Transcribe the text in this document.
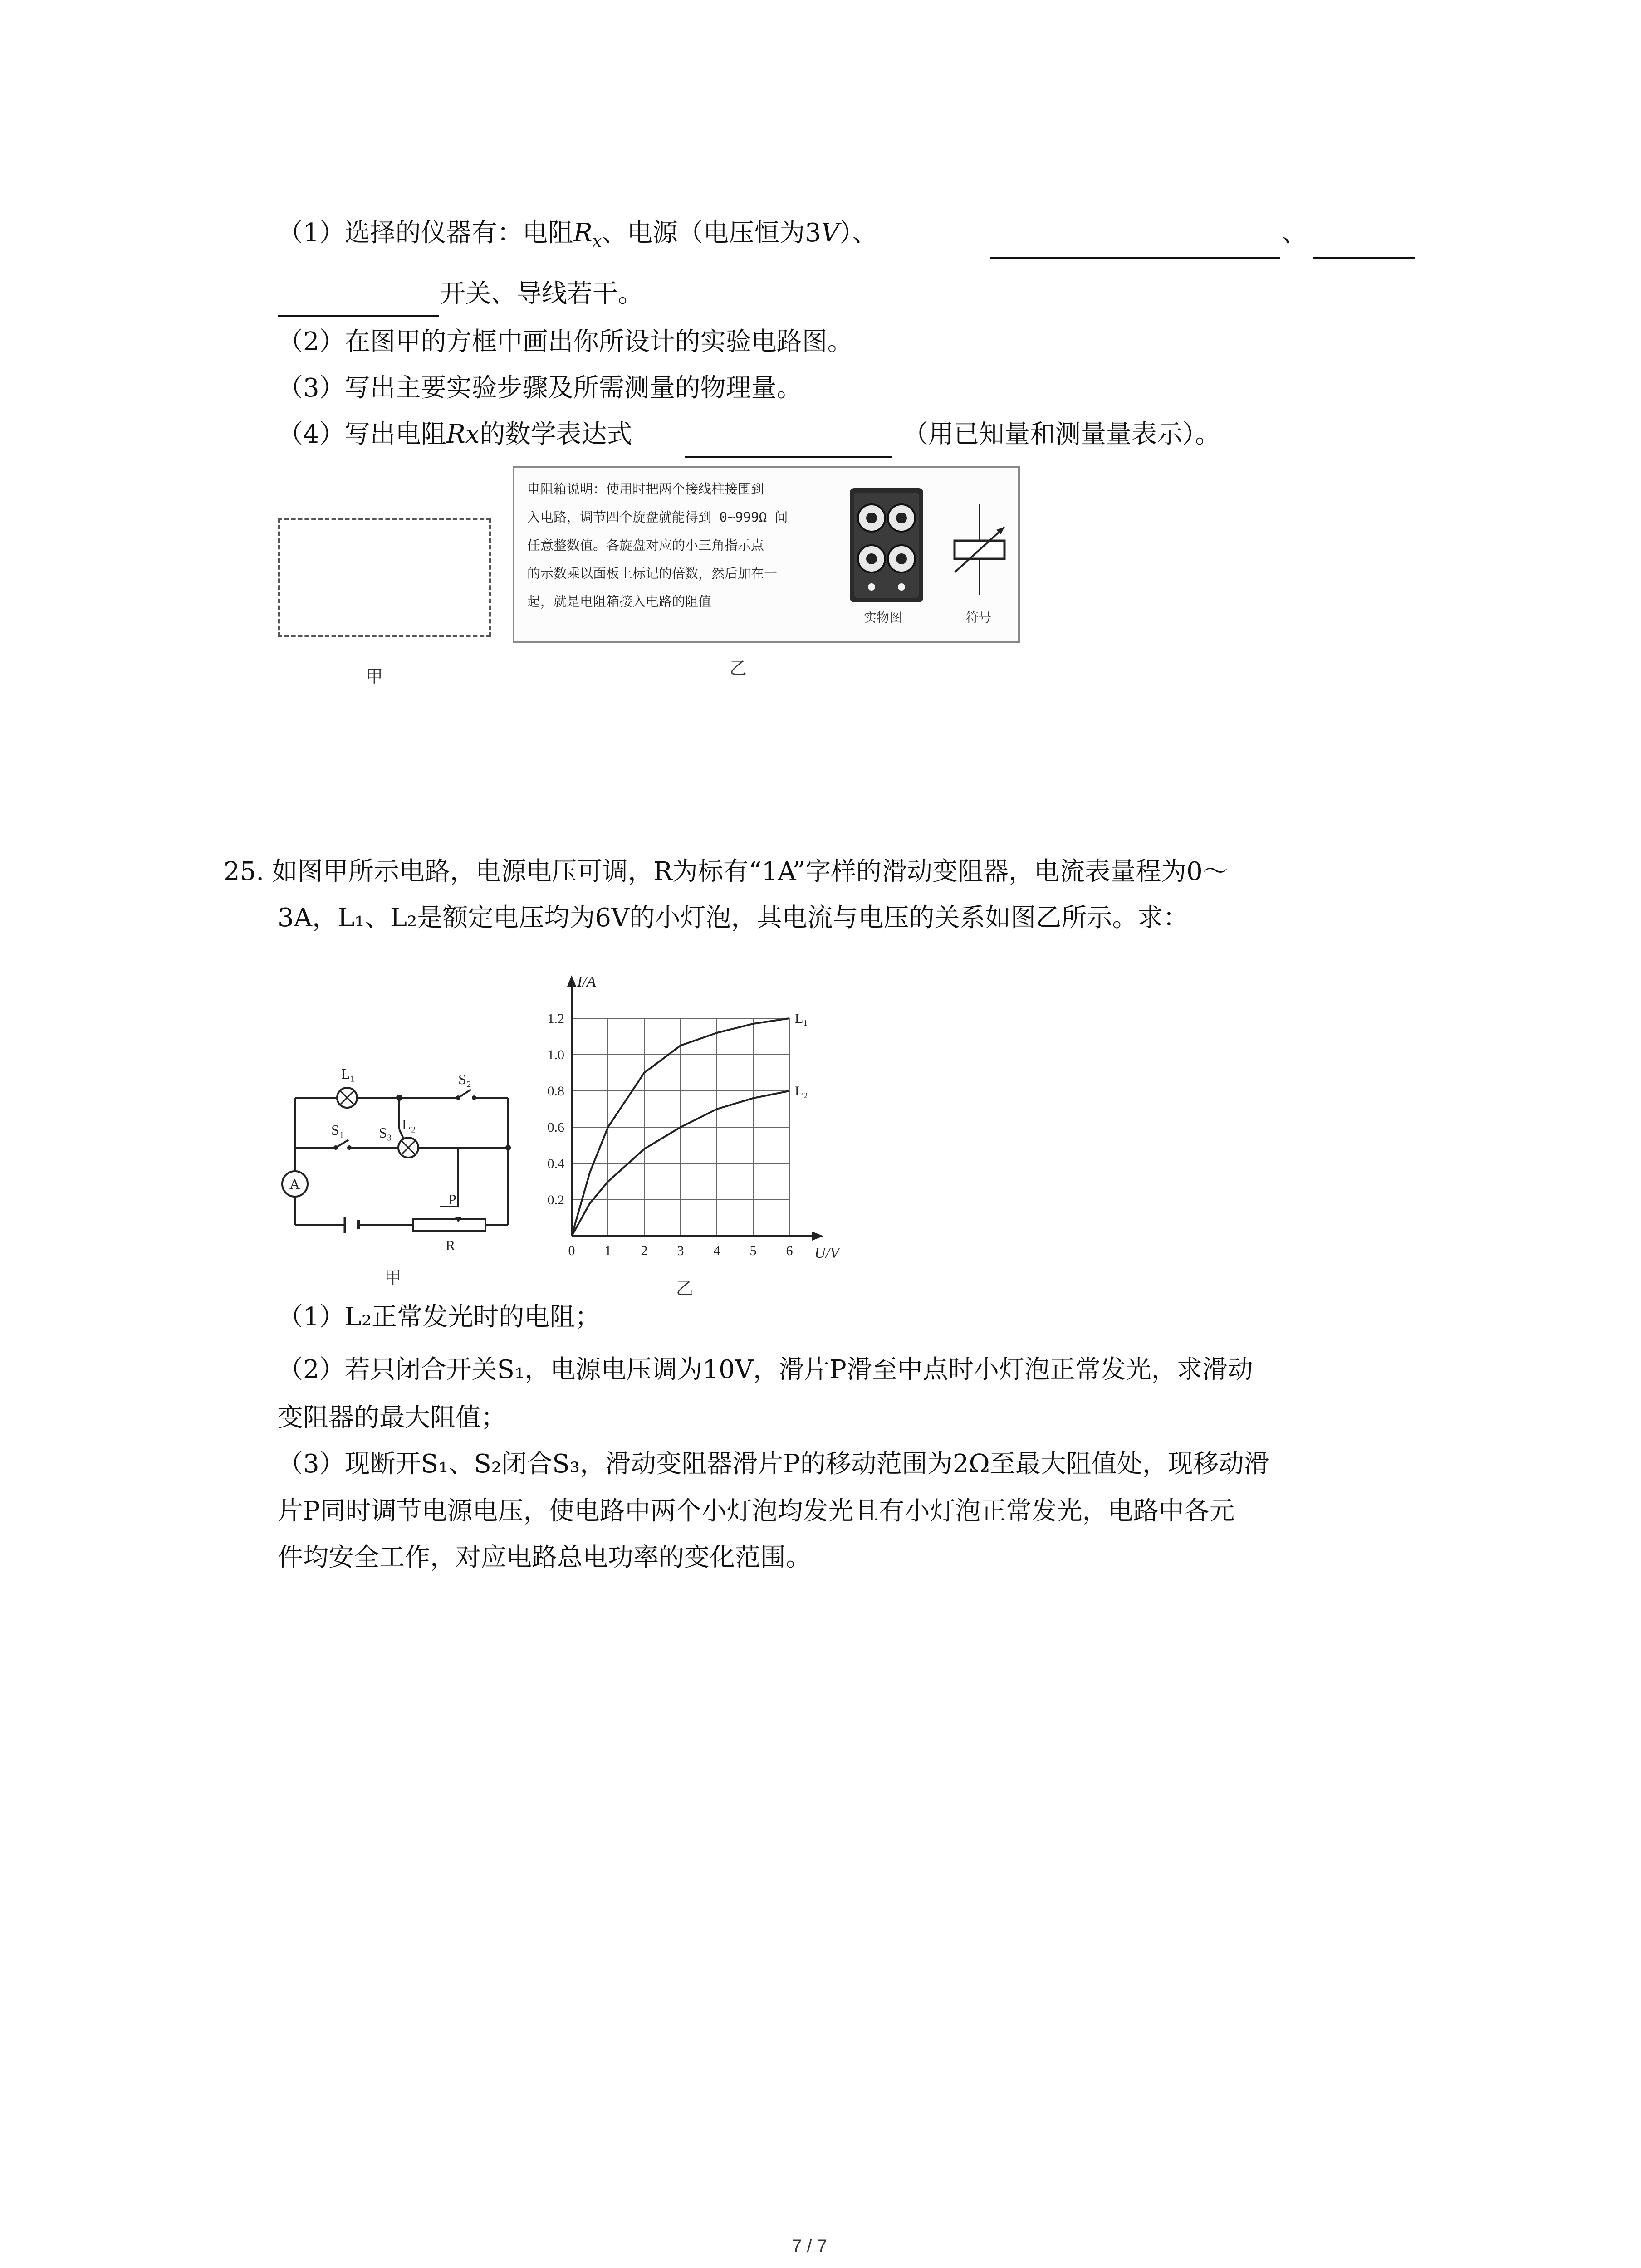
（1）选择的仪器有：电阻$R_x$、电源（电压恒为3V）、	、
开关、导线若干。
（2）在图甲的方框中画出你所设计的实验电路图。
（3）写出主要实验步骤及所需测量的物理量。
（4）写出电阻Rx的数学表达式	（用已知量和测量量表示）。
甲
电阻箱说明：使用时把两个接线柱接围到
入电路，调节四个旋盘就能得到 0~999Ω 间
任意整数值。各旋盘对应的小三角指示点
的示数乘以面板上标记的倍数，然后加在一
起，就是电阻箱接入电路的阻值
实物图	符号
乙
25. 如图甲所示电路，电源电压可调，R为标有“1A”字样的滑动变阻器，电流表量程为0～
3A，L₁、L₂是额定电压均为6V的小灯泡，其电流与电压的关系如图乙所示。求：
L₁
L₂
S₂
S₁ S₃
A
P
R
甲
0 1 2 3 4 5 6
0.2
0.4
0.6
0.8
1.0
1.2
U/V
I/A
L₁
L₂
乙
（1）L₂正常发光时的电阻；
（2）若只闭合开关S₁，电源电压调为10V，滑片P滑至中点时小灯泡正常发光，求滑动
变阻器的最大阻值；
（3）现断开S₁、S₂闭合S₃，滑动变阻器滑片P的移动范围为2Ω至最大阻值处，现移动滑
片P同时调节电源电压，使电路中两个小灯泡均发光且有小灯泡正常发光，电路中各元
件均安全工作，对应电路总电功率的变化范围。
7 / 7
